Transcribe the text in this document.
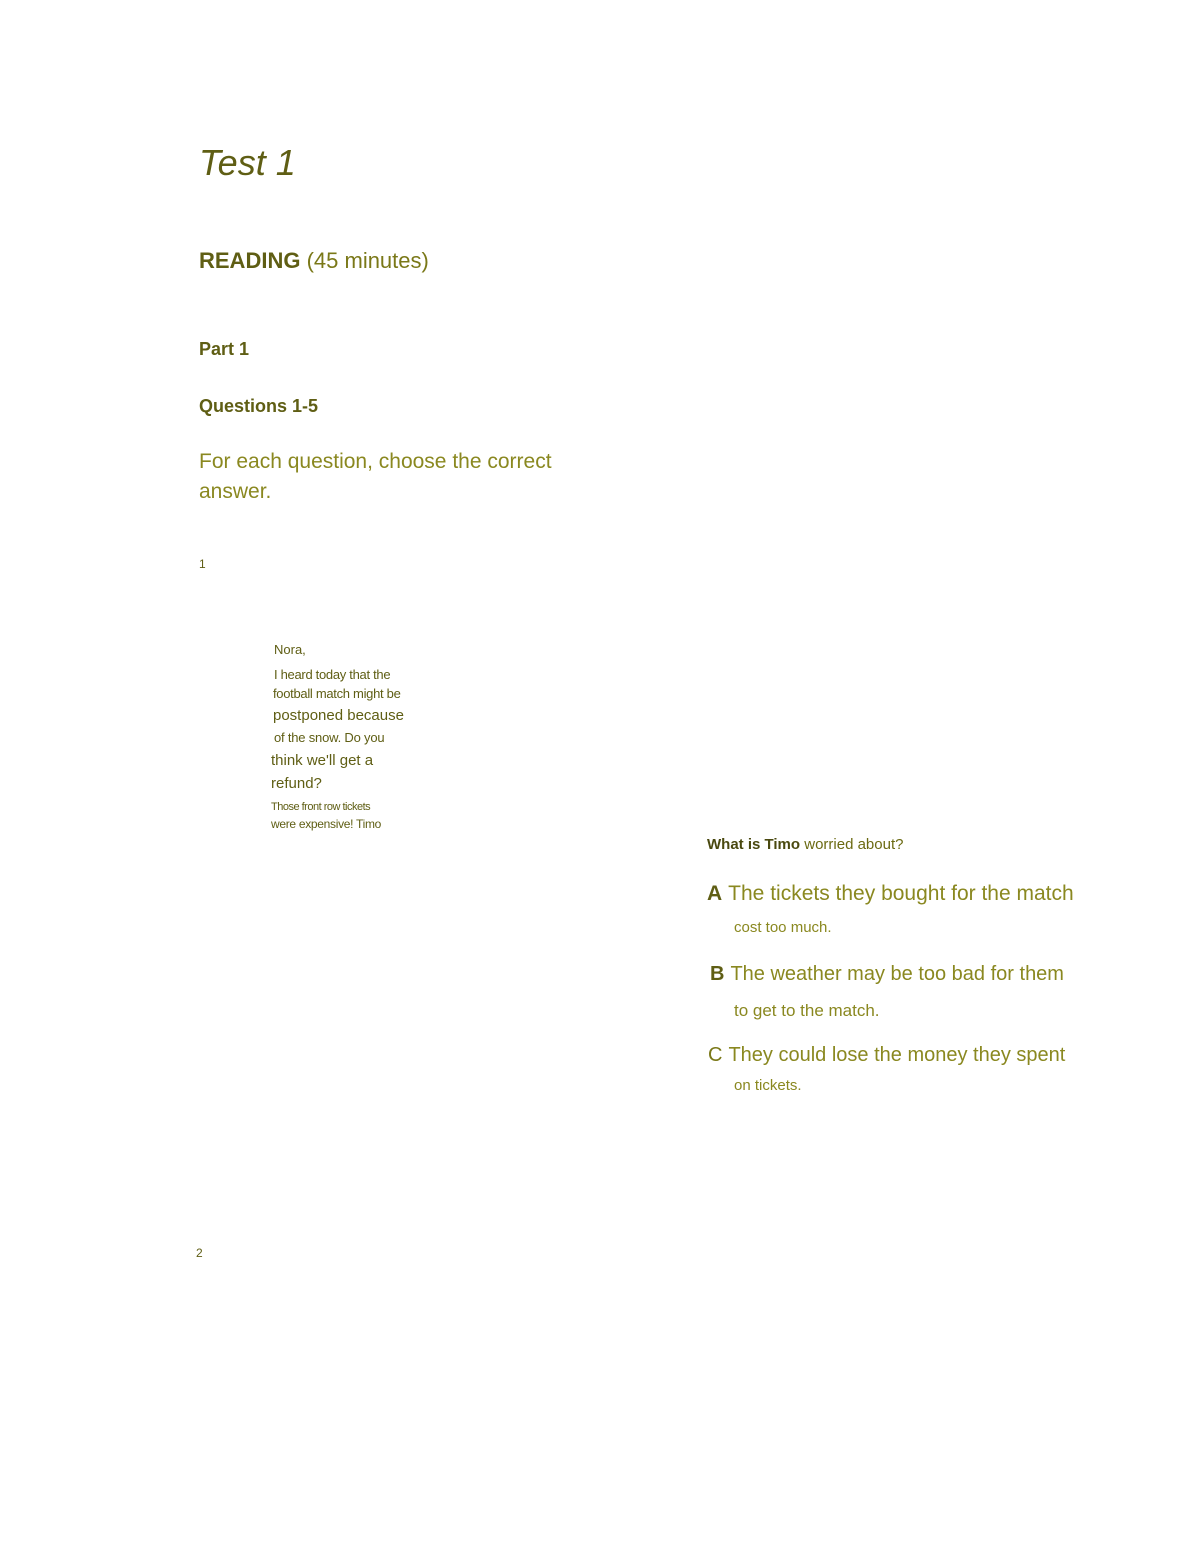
Test 1
READING (45 minutes)
Part 1
Questions 1-5
For each question, choose the correct answer.
1
Nora,
I heard today that the
football match might be
postponed because
of the snow. Do you
think we'll get a
refund?
Those front row tickets
were expensive! Timo
What is Timo worried about?
A The tickets they bought for the match
cost too much.
B The weather may be too bad for them
to get to the match.
C They could lose the money they spent
on tickets.
2
